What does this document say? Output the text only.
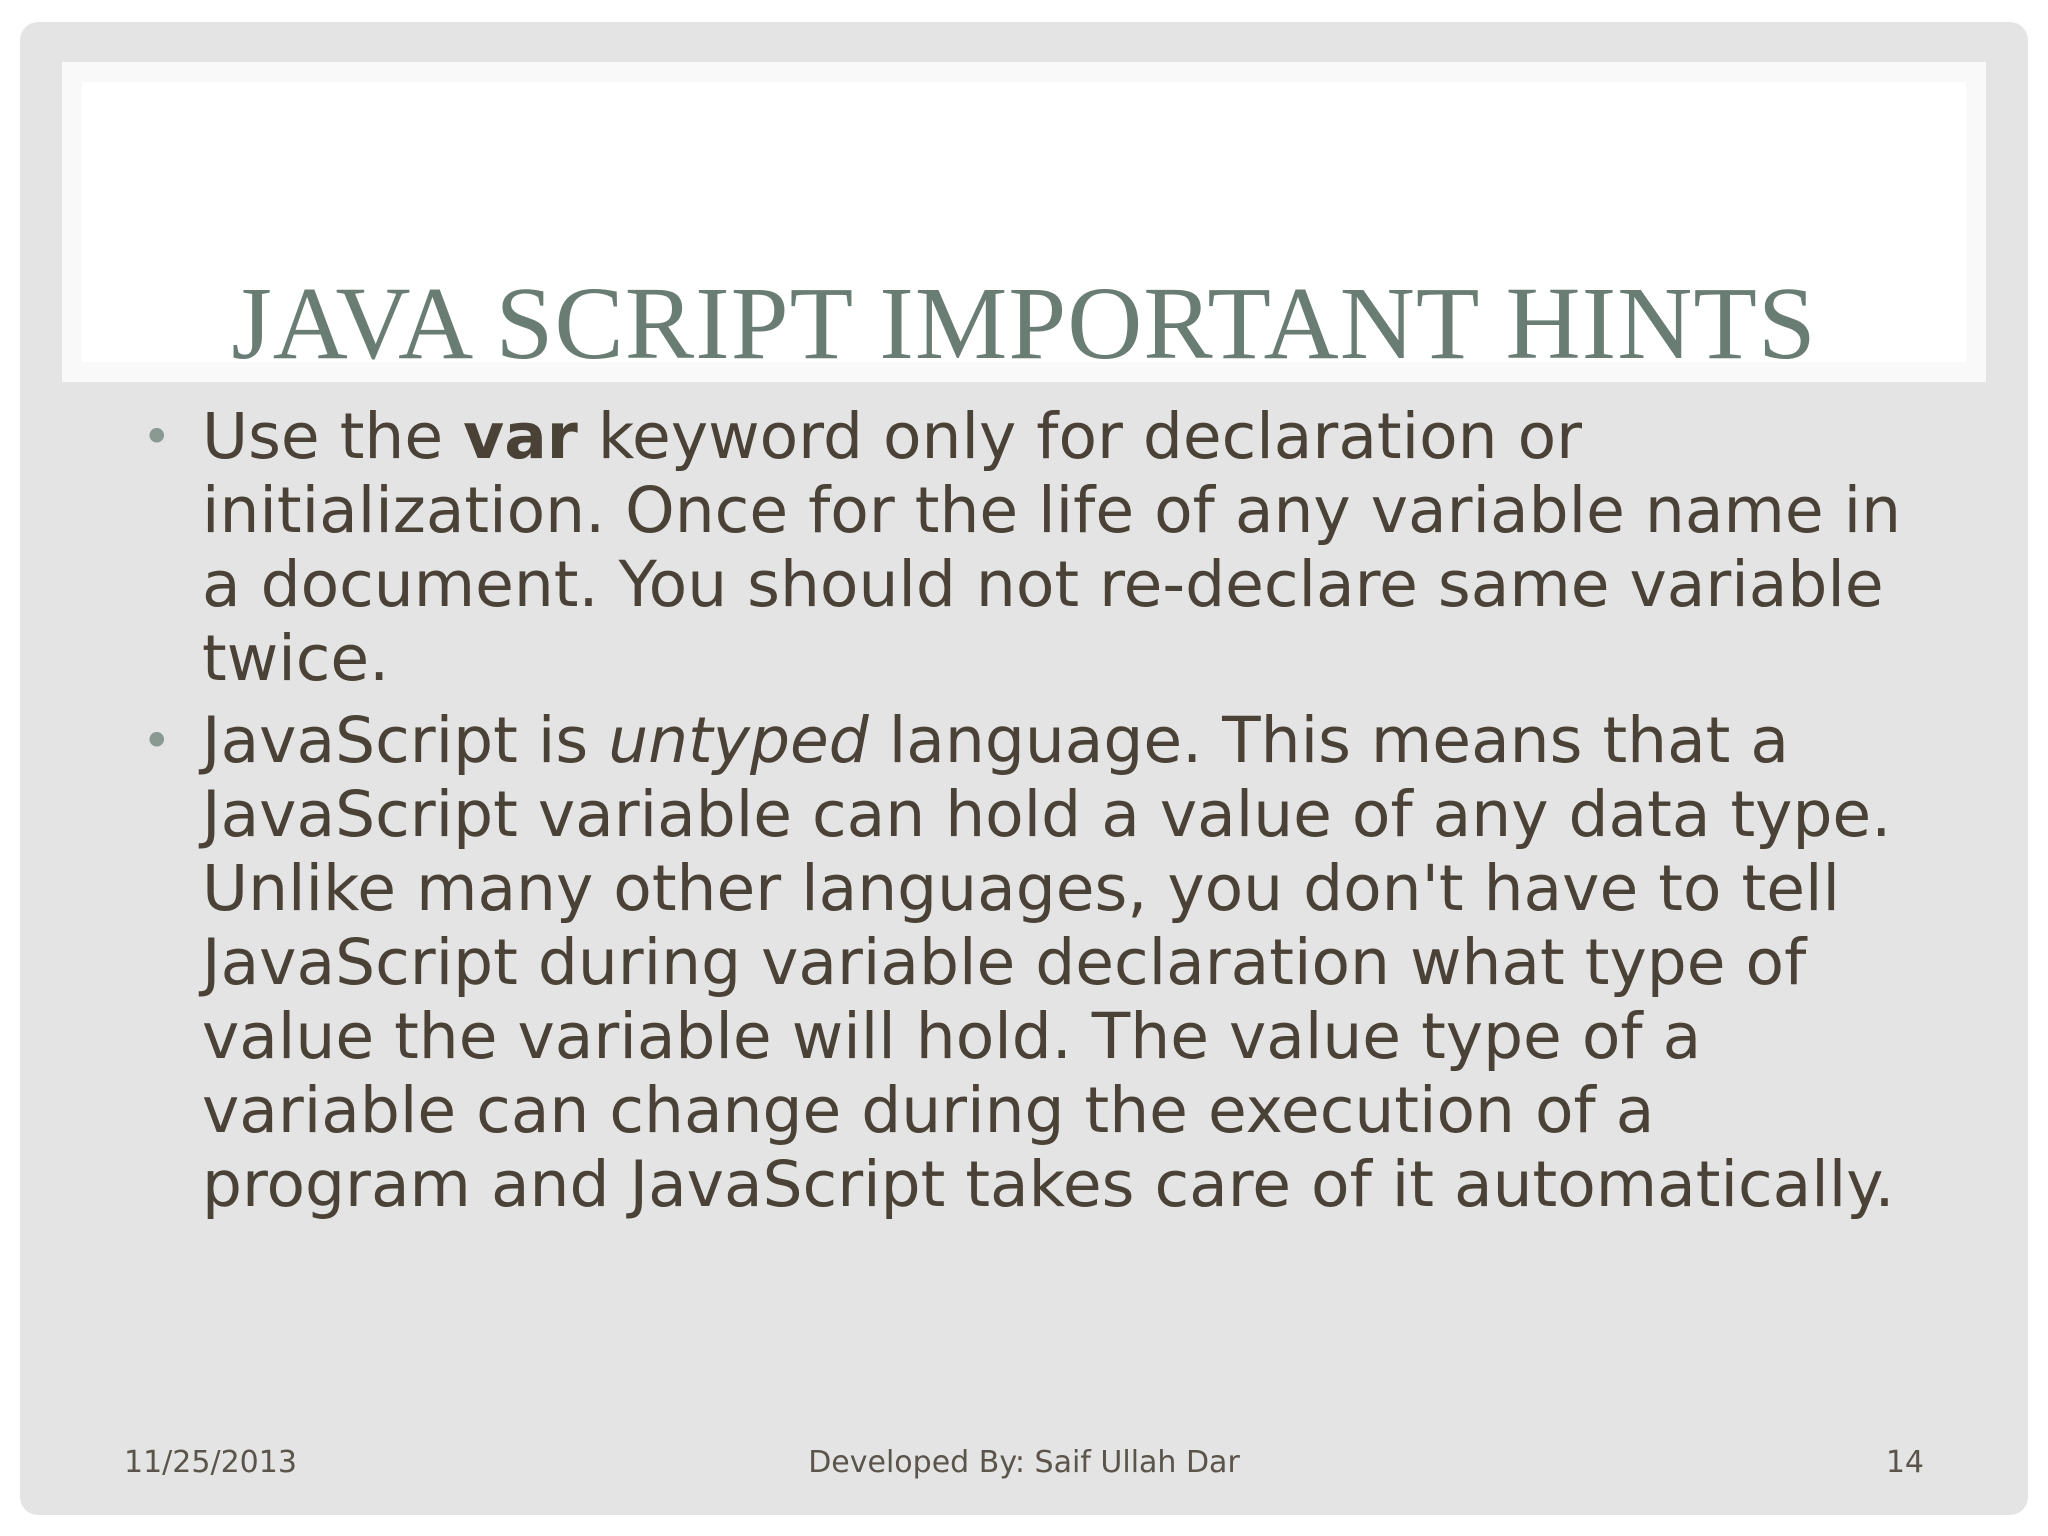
JAVA SCRIPT IMPORTANT HINTS

• Use the var keyword only for declaration or initialization. Once for the life of any variable name in a document. You should not re-declare same variable twice.

• JavaScript is untyped language. This means that a JavaScript variable can hold a value of any data type. Unlike many other languages, you don't have to tell JavaScript during variable declaration what type of value the variable will hold. The value type of a variable can change during the execution of a program and JavaScript takes care of it automatically.

11/25/2013	Developed By: Saif Ullah Dar	14
